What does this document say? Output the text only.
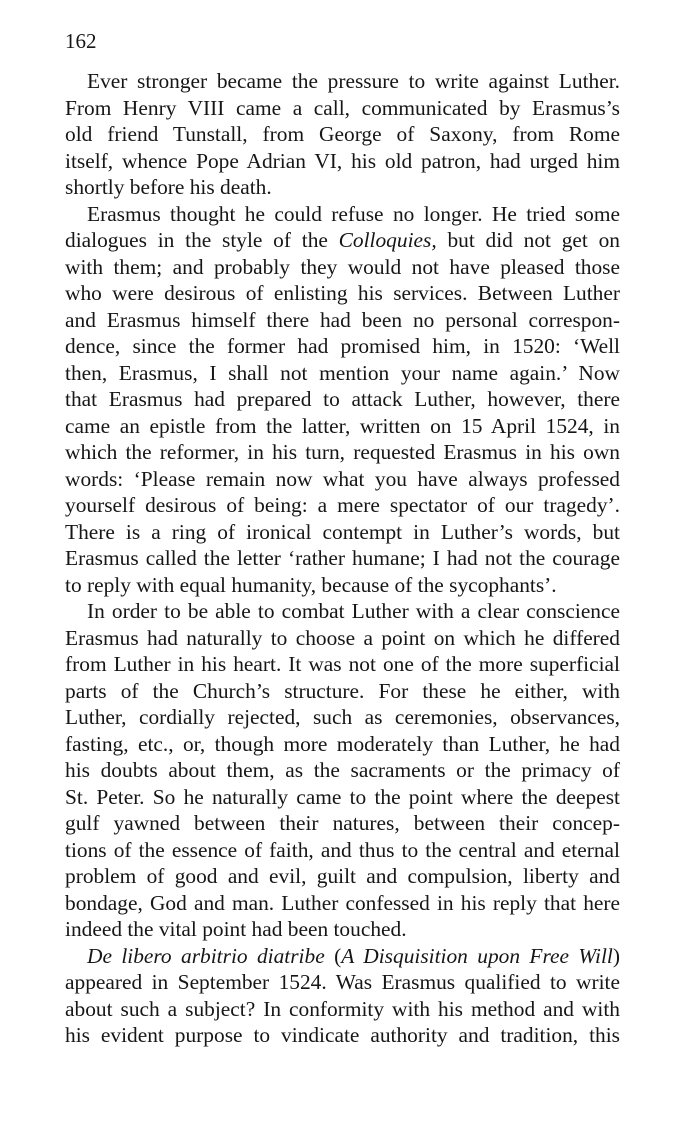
162
Ever stronger became the pressure to write against Luther.
From Henry VIII came a call, communicated by Erasmus’s
old friend Tunstall, from George of Saxony, from Rome
itself, whence Pope Adrian VI, his old patron, had urged him
shortly before his death.
Erasmus thought he could refuse no longer. He tried some
dialogues in the style of the Colloquies, but did not get on
with them; and probably they would not have pleased those
who were desirous of enlisting his services. Between Luther
and Erasmus himself there had been no personal correspon-
dence, since the former had promised him, in 1520: ‘Well
then, Erasmus, I shall not mention your name again.’ Now
that Erasmus had prepared to attack Luther, however, there
came an epistle from the latter, written on 15 April 1524, in
which the reformer, in his turn, requested Erasmus in his own
words: ‘Please remain now what you have always professed
yourself desirous of being: a mere spectator of our tragedy’.
There is a ring of ironical contempt in Luther’s words, but
Erasmus called the letter ‘rather humane; I had not the courage
to reply with equal humanity, because of the sycophants’.
In order to be able to combat Luther with a clear conscience
Erasmus had naturally to choose a point on which he differed
from Luther in his heart. It was not one of the more superficial
parts of the Church’s structure. For these he either, with
Luther, cordially rejected, such as ceremonies, observances,
fasting, etc., or, though more moderately than Luther, he had
his doubts about them, as the sacraments or the primacy of
St. Peter. So he naturally came to the point where the deepest
gulf yawned between their natures, between their concep-
tions of the essence of faith, and thus to the central and eternal
problem of good and evil, guilt and compulsion, liberty and
bondage, God and man. Luther confessed in his reply that here
indeed the vital point had been touched.
De libero arbitrio diatribe (A Disquisition upon Free Will)
appeared in September 1524. Was Erasmus qualified to write
about such a subject? In conformity with his method and with
his evident purpose to vindicate authority and tradition, this
